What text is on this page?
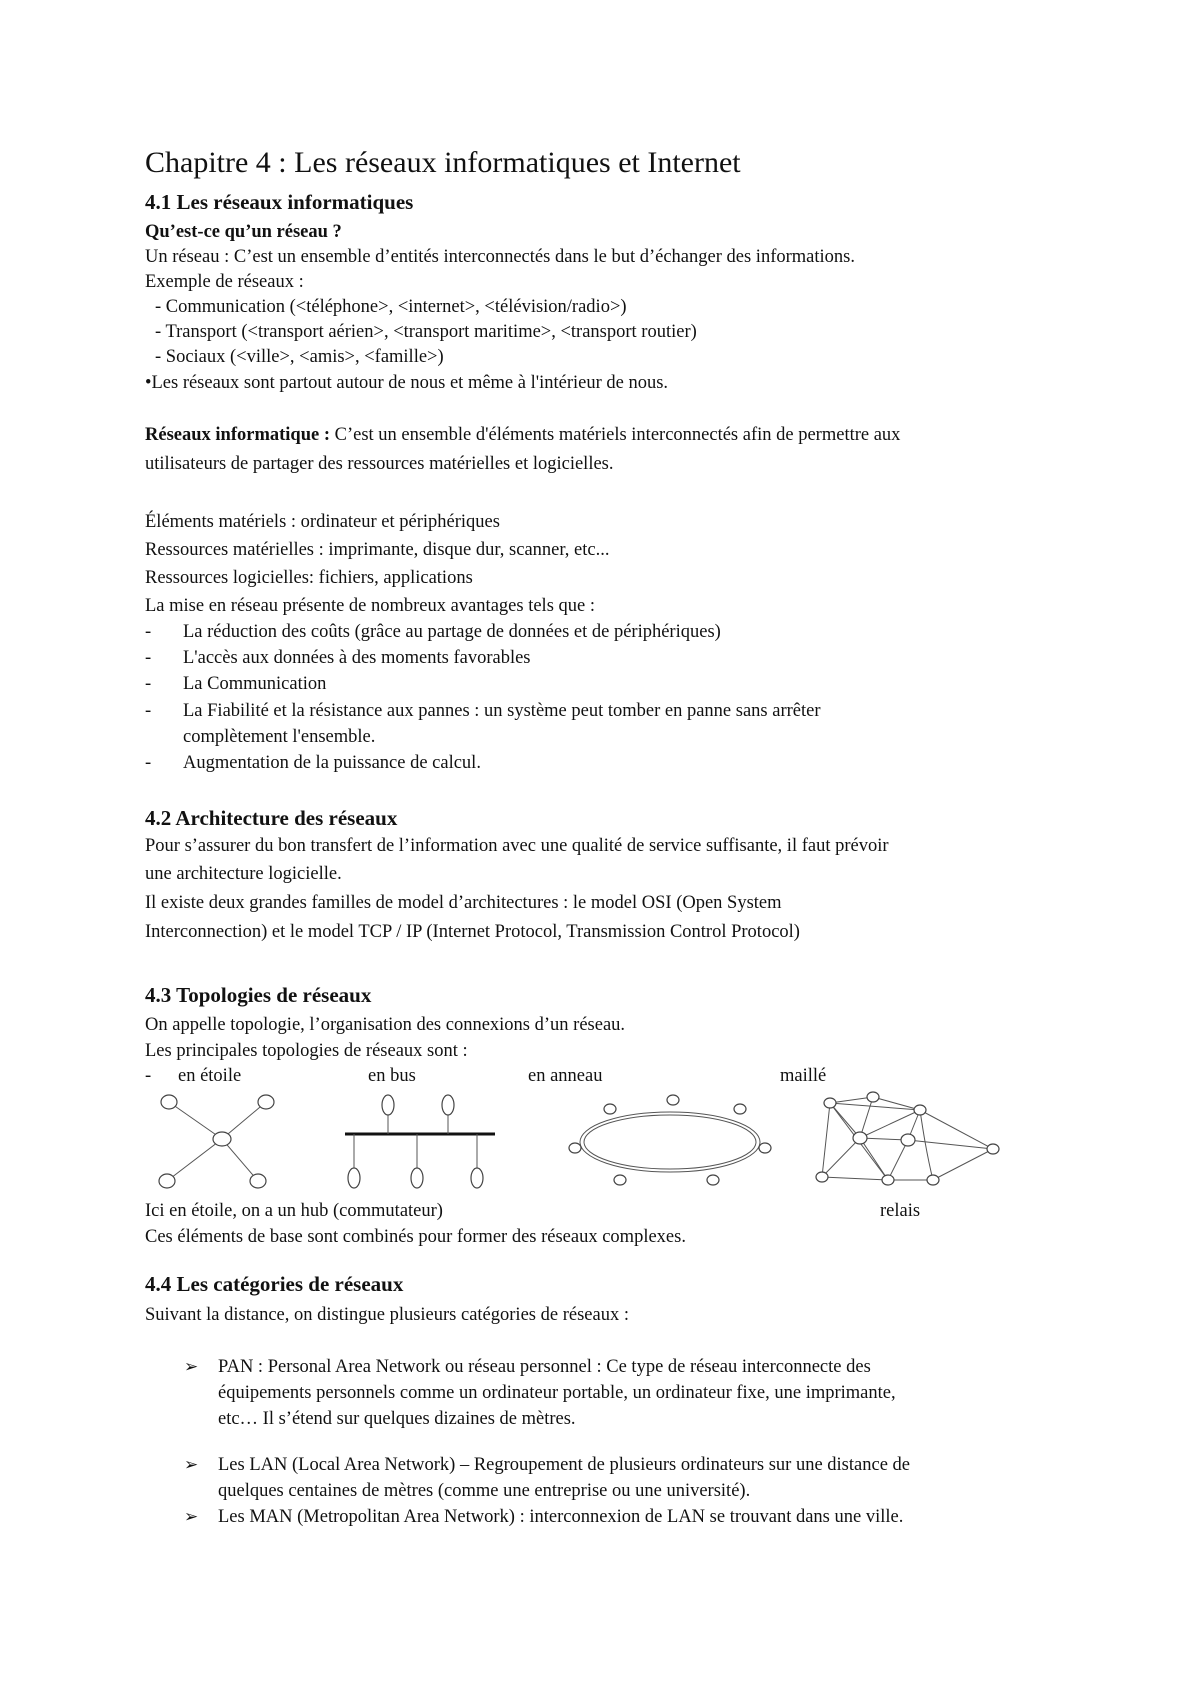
Chapitre 4 : Les réseaux informatiques et Internet
4.1 Les réseaux informatiques
Qu’est-ce qu’un réseau ?
Un réseau : C’est un ensemble d’entités interconnectés dans le but d’échanger des informations.
Exemple de réseaux :
- Communication (<téléphone>, <internet>, <télévision/radio>)
- Transport (<transport aérien>, <transport maritime>, <transport routier)
- Sociaux (<ville>, <amis>, <famille>)
•Les réseaux sont partout autour de nous et même à l'intérieur de nous.
Réseaux informatique : C’est un ensemble d'éléments matériels interconnectés afin de permettre aux
utilisateurs de partager des ressources matérielles et logicielles.
Éléments matériels : ordinateur et périphériques
Ressources matérielles : imprimante, disque dur, scanner, etc...
Ressources logicielles: fichiers, applications
La mise en réseau présente de nombreux avantages tels que :
- La réduction des coûts (grâce au partage de données et de périphériques)
- L'accès aux données à des moments favorables
- La Communication
- La Fiabilité et la résistance aux pannes : un système peut tomber en panne sans arrêter
complètement l'ensemble.
- Augmentation de la puissance de calcul.
4.2 Architecture des réseaux
Pour s’assurer du bon transfert de l’information avec une qualité de service suffisante, il faut prévoir
une architecture logicielle.
Il existe deux grandes familles de model d’architectures : le model OSI (Open System
Interconnection) et le model TCP / IP (Internet Protocol, Transmission Control Protocol)
4.3 Topologies de réseaux
On appelle topologie, l’organisation des connexions d’un réseau.
Les principales topologies de réseaux sont :
- en étoile	en bus	en anneau	maillé
Ici en étoile, on a un hub (commutateur)	relais
Ces éléments de base sont combinés pour former des réseaux complexes.
4.4 Les catégories de réseaux
Suivant la distance, on distingue plusieurs catégories de réseaux :
➢ PAN : Personal Area Network ou réseau personnel : Ce type de réseau interconnecte des
équipements personnels comme un ordinateur portable, un ordinateur fixe, une imprimante,
etc… Il s’étend sur quelques dizaines de mètres.
➢ Les LAN (Local Area Network) – Regroupement de plusieurs ordinateurs sur une distance de
quelques centaines de mètres (comme une entreprise ou une université).
➢ Les MAN (Metropolitan Area Network) : interconnexion de LAN se trouvant dans une ville.
